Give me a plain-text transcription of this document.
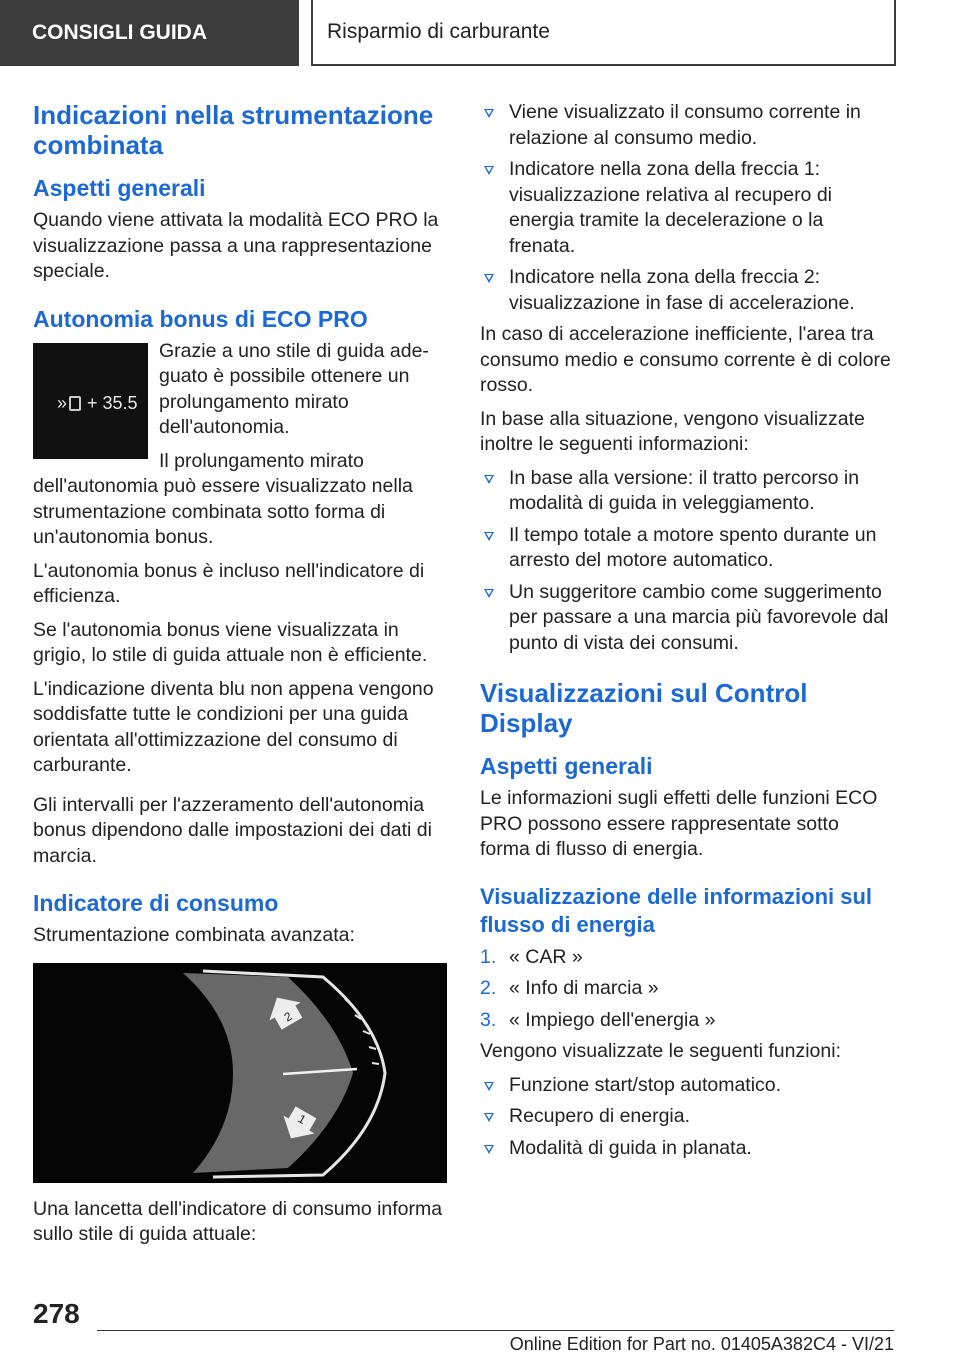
CONSIGLI GUIDA	Risparmio di carburante
Indicazioni nella strumentazione combinata
Aspetti generali

Quando viene attivata la modalità ECO PRO la visualizzazione passa a una rappresentazione speciale.

Autonomia bonus di ECO PRO
» + 35.5

Grazie a uno stile di guida adeguato è possibile ottenere un prolungamento mirato dell'autonomia.

Il prolungamento mirato dell'autonomia può essere visualizzato nella strumentazione combinata sotto forma di un'autonomia bonus.

L'autonomia bonus è incluso nell'indicatore di efficienza.

Se l'autonomia bonus viene visualizzata in grigio, lo stile di guida attuale non è efficiente.

L'indicazione diventa blu non appena vengono soddisfatte tutte le condizioni per una guida orientata all'ottimizzazione del consumo di carburante.

Gli intervalli per l'azzeramento dell'autonomia bonus dipendono dalle impostazioni dei dati di marcia.

Indicatore di consumo

Strumentazione combinata avanzata:

2
1

Una lancetta dell'indicatore di consumo informa sullo stile di guida attuale:

Viene visualizzato il consumo corrente in relazione al consumo medio.
Indicatore nella zona della freccia 1: visualizzazione relativa al recupero di energia tramite la decelerazione o la frenata.
Indicatore nella zona della freccia 2: visualizzazione in fase di accelerazione.

In caso di accelerazione inefficiente, l'area tra consumo medio e consumo corrente è di colore rosso.

In base alla situazione, vengono visualizzate inoltre le seguenti informazioni:

In base alla versione: il tratto percorso in modalità di guida in veleggiamento.
Il tempo totale a motore spento durante un arresto del motore automatico.
Un suggeritore cambio come suggerimento per passare a una marcia più favorevole dal punto di vista dei consumi.
Visualizzazioni sul Control Display
Aspetti generali

Le informazioni sugli effetti delle funzioni ECO PRO possono essere rappresentate sotto forma di flusso di energia.

Visualizzazione delle informazioni sul flusso di energia
1. « CAR »
2. « Info di marcia »
3. « Impiego dell'energia »

Vengono visualizzate le seguenti funzioni:

Funzione start/stop automatico.
Recupero di energia.
Modalità di guida in planata.
278
Online Edition for Part no. 01405A382C4 - VI/21
